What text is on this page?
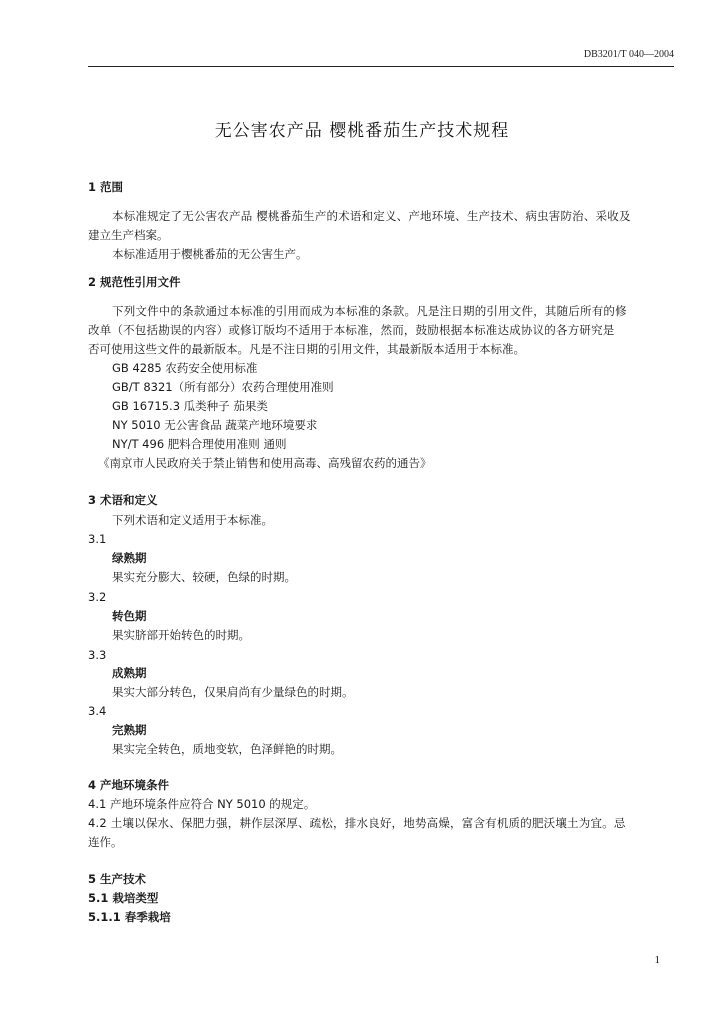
DB3201/T 040—2004
无公害农产品 樱桃番茄生产技术规程
1 范围
本标准规定了无公害农产品 樱桃番茄生产的术语和定义、产地环境、生产技术、病虫害防治、采收及
建立生产档案。
本标准适用于樱桃番茄的无公害生产。
2 规范性引用文件
下列文件中的条款通过本标准的引用而成为本标准的条款。凡是注日期的引用文件，其随后所有的修
改单（不包括勘误的内容）或修订版均不适用于本标准，然而，鼓励根据本标准达成协议的各方研究是
否可使用这些文件的最新版本。凡是不注日期的引用文件，其最新版本适用于本标准。
GB 4285 农药安全使用标准
GB/T 8321（所有部分）农药合理使用准则
GB 16715.3 瓜类种子 茄果类
NY 5010 无公害食品 蔬菜产地环境要求
NY/T 496 肥料合理使用准则 通则
《南京市人民政府关于禁止销售和使用高毒、高残留农药的通告》
3 术语和定义
下列术语和定义适用于本标准。
3.1
绿熟期
果实充分膨大、较硬，色绿的时期。
3.2
转色期
果实脐部开始转色的时期。
3.3
成熟期
果实大部分转色，仅果肩尚有少量绿色的时期。
3.4
完熟期
果实完全转色，质地变软，色泽鲜艳的时期。
4 产地环境条件
4.1 产地环境条件应符合 NY 5010 的规定。
4.2 土壤以保水、保肥力强，耕作层深厚、疏松，排水良好，地势高燥，富含有机质的肥沃壤土为宜。忌
连作。
5 生产技术
5.1 栽培类型
5.1.1 春季栽培
1
